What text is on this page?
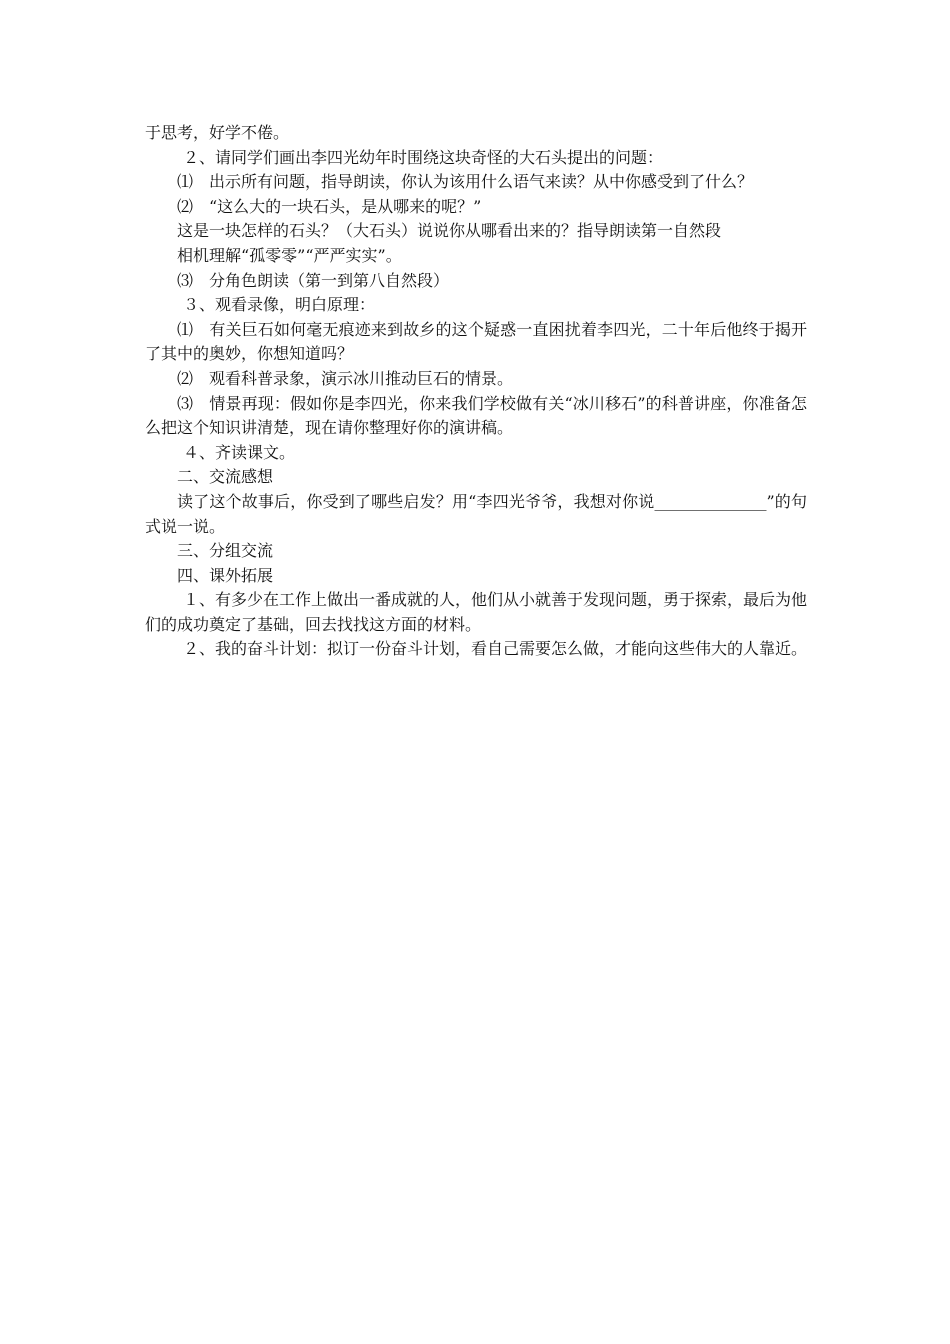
于思考，好学不倦。

２、请同学们画出李四光幼年时围绕这块奇怪的大石头提出的问题：

⑴　出示所有问题，指导朗读，你认为该用什么语气来读？从中你感受到了什么？

⑵　“这么大的一块石头，是从哪来的呢？”

这是一块怎样的石头？（大石头）说说你从哪看出来的？指导朗读第一自然段

相机理解“孤零零”“严严实实”。

⑶　分角色朗读（第一到第八自然段）

３、观看录像，明白原理：

⑴　有关巨石如何毫无痕迹来到故乡的这个疑惑一直困扰着李四光，二十年后他终于揭开了其中的奥妙，你想知道吗？

⑵　观看科普录象，演示冰川推动巨石的情景。

⑶　情景再现：假如你是李四光，你来我们学校做有关“冰川移石”的科普讲座，你准备怎么把这个知识讲清楚，现在请你整理好你的演讲稿。

４、齐读课文。

二、交流感想

读了这个故事后，你受到了哪些启发？用“李四光爷爷，我想对你说______________”的句式说一说。

三、分组交流

四、课外拓展

１、有多少在工作上做出一番成就的人，他们从小就善于发现问题，勇于探索，最后为他们的成功奠定了基础，回去找找这方面的材料。

２、我的奋斗计划：拟订一份奋斗计划，看自己需要怎么做，才能向这些伟大的人靠近。
